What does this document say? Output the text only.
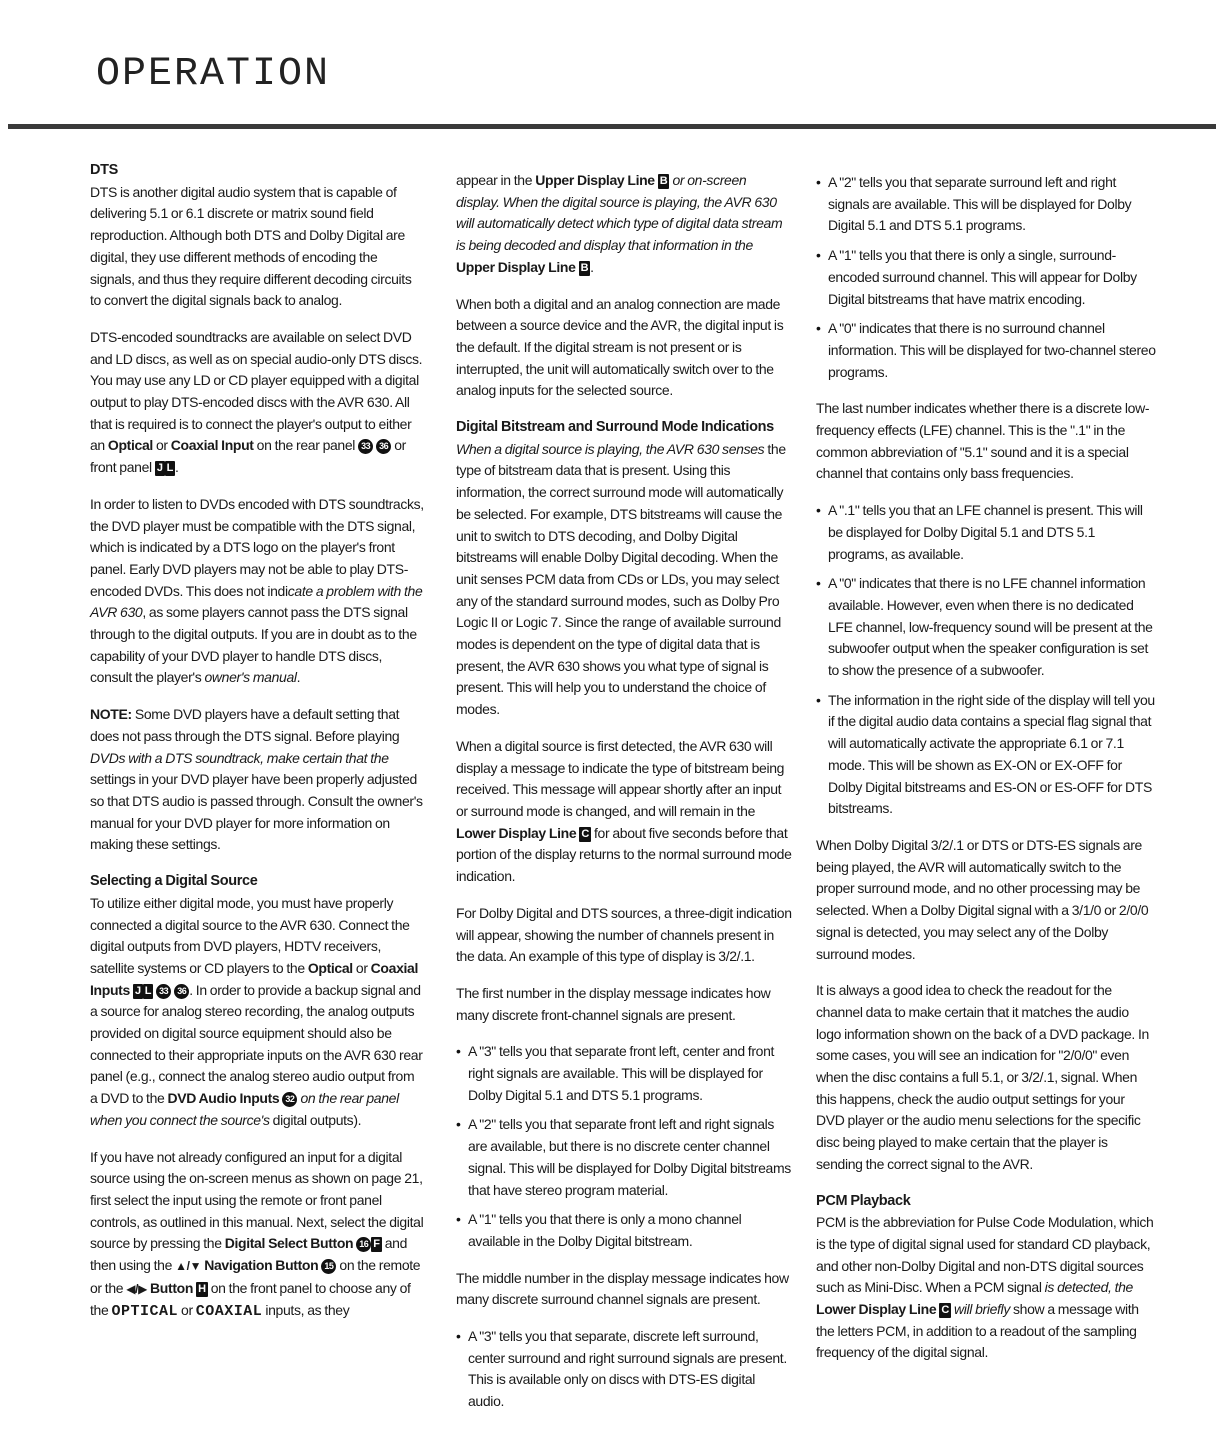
OPERATION
DTS

DTS is another digital audio system that is capable of delivering 5.1 or 6.1 discrete or matrix sound field reproduction. Although both DTS and Dolby Digital are digital, they use different methods of encoding the signals, and thus they require different decoding circuits to convert the digital signals back to analog.

DTS-encoded soundtracks are available on select DVD and LD discs, as well as on special audio-only DTS discs. You may use any LD or CD player equipped with a digital output to play DTS-encoded discs with the AVR 630. All that is required is to connect the player's output to either an Optical or Coaxial Input on the rear panel 33 36 or front panel J L .

In order to listen to DVDs encoded with DTS soundtracks, the DVD player must be compatible with the DTS signal, which is indicated by a DTS logo on the player's front panel. Early DVD players may not be able to play DTS-encoded DVDs. This does not indicate a problem with the AVR 630, as some players cannot pass the DTS signal through to the digital outputs. If you are in doubt as to the capability of your DVD player to handle DTS discs, consult the player's owner's manual.

NOTE: Some DVD players have a default setting that does not pass through the DTS signal. Before playing DVDs with a DTS soundtrack, make certain that the settings in your DVD player have been properly adjusted so that DTS audio is passed through. Consult the owner's manual for your DVD player for more information on making these settings.

Selecting a Digital Source

To utilize either digital mode, you must have properly connected a digital source to the AVR 630. Connect the digital outputs from DVD players, HDTV receivers, satellite systems or CD players to the Optical or Coaxial Inputs J L 33 36 . In order to provide a backup signal and a source for analog stereo recording, the analog outputs provided on digital source equipment should also be connected to their appropriate inputs on the AVR 630 rear panel (e.g., connect the analog stereo audio output from a DVD to the DVD Audio Inputs 32 on the rear panel when you connect the source's digital outputs).

If you have not already configured an input for a digital source using the on-screen menus as shown on page 21, first select the input using the remote or front panel controls, as outlined in this manual. Next, select the digital source by pressing the Digital Select Button 16 F and then using the ▲/▼ Navigation Button 15 on the remote or the ◀/▶ Button H on the front panel to choose any of the OPTICAL or COAXIAL inputs, as they

appear in the Upper Display Line B or on-screen display. When the digital source is playing, the AVR 630 will automatically detect which type of digital data stream is being decoded and display that information in the Upper Display Line B .

When both a digital and an analog connection are made between a source device and the AVR, the digital input is the default. If the digital stream is not present or is interrupted, the unit will automatically switch over to the analog inputs for the selected source.

Digital Bitstream and Surround Mode Indications

When a digital source is playing, the AVR 630 senses the type of bitstream data that is present. Using this information, the correct surround mode will automatically be selected. For example, DTS bitstreams will cause the unit to switch to DTS decoding, and Dolby Digital bitstreams will enable Dolby Digital decoding. When the unit senses PCM data from CDs or LDs, you may select any of the standard surround modes, such as Dolby Pro Logic II or Logic 7. Since the range of available surround modes is dependent on the type of digital data that is present, the AVR 630 shows you what type of signal is present. This will help you to understand the choice of modes.

When a digital source is first detected, the AVR 630 will display a message to indicate the type of bitstream being received. This message will appear shortly after an input or surround mode is changed, and will remain in the Lower Display Line C for about five seconds before that portion of the display returns to the normal surround mode indication.

For Dolby Digital and DTS sources, a three-digit indication will appear, showing the number of channels present in the data. An example of this type of display is 3/2/.1.

The first number in the display message indicates how many discrete front-channel signals are present.

• A "3" tells you that separate front left, center and front right signals are available. This will be displayed for Dolby Digital 5.1 and DTS 5.1 programs.
• A "2" tells you that separate front left and right signals are available, but there is no discrete center channel signal. This will be displayed for Dolby Digital bitstreams that have stereo program material.
• A "1" tells you that there is only a mono channel available in the Dolby Digital bitstream.

The middle number in the display message indicates how many discrete surround channel signals are present.

• A "3" tells you that separate, discrete left surround, center surround and right surround signals are present. This is available only on discs with DTS-ES digital audio.
• A "2" tells you that separate surround left and right signals are available. This will be displayed for Dolby Digital 5.1 and DTS 5.1 programs.
• A "1" tells you that there is only a single, surround-encoded surround channel. This will appear for Dolby Digital bitstreams that have matrix encoding.
• A "0" indicates that there is no surround channel information. This will be displayed for two-channel stereo programs.

The last number indicates whether there is a discrete low-frequency effects (LFE) channel. This is the ".1" in the common abbreviation of "5.1" sound and it is a special channel that contains only bass frequencies.

• A ".1" tells you that an LFE channel is present. This will be displayed for Dolby Digital 5.1 and DTS 5.1 programs, as available.
• A "0" indicates that there is no LFE channel information available. However, even when there is no dedicated LFE channel, low-frequency sound will be present at the subwoofer output when the speaker configuration is set to show the presence of a subwoofer.
• The information in the right side of the display will tell you if the digital audio data contains a special flag signal that will automatically activate the appropriate 6.1 or 7.1 mode. This will be shown as EX-ON or EX-OFF for Dolby Digital bitstreams and ES-ON or ES-OFF for DTS bitstreams.

When Dolby Digital 3/2/.1 or DTS or DTS-ES signals are being played, the AVR will automatically switch to the proper surround mode, and no other processing may be selected. When a Dolby Digital signal with a 3/1/0 or 2/0/0 signal is detected, you may select any of the Dolby surround modes.

It is always a good idea to check the readout for the channel data to make certain that it matches the audio logo information shown on the back of a DVD package. In some cases, you will see an indication for "2/0/0" even when the disc contains a full 5.1, or 3/2/.1, signal. When this happens, check the audio output settings for your DVD player or the audio menu selections for the specific disc being played to make certain that the player is sending the correct signal to the AVR.

PCM Playback

PCM is the abbreviation for Pulse Code Modulation, which is the type of digital signal used for standard CD playback, and other non-Dolby Digital and non-DTS digital sources such as Mini-Disc. When a PCM signal is detected, the Lower Display Line C will briefly show a message with the letters PCM, in addition to a readout of the sampling frequency of the digital signal.
